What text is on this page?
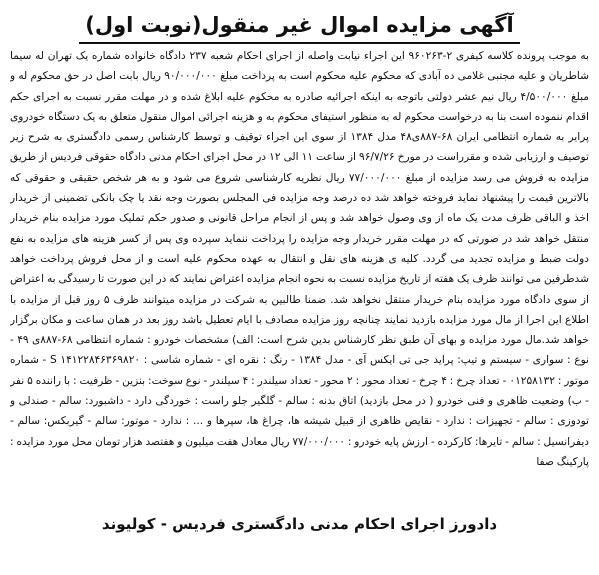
آگهی مزایده اموال غیر منقول(نوبت اول)
به موجب پرونده کلاسه کیفری ۲-۹۶۰۲۶۳ این اجراء نیابت واصله از اجرای احکام شعبه ۲۳۷ دادگاه خانواده شماره یک تهران له سیما شاطریان و علیه مجتبی غلامی ده آبادی که محکوم علیه محکوم است به پرداخت مبلغ ۹۰/۰۰۰/۰۰۰ ریال بابت اصل در حق محکوم له و مبلغ ۴/۵۰۰/۰۰۰ ریال نیم عشر دولتی باتوجه به اینکه اجرائیه صادره به محکوم علیه ابلاغ شده و در مهلت مقرر نسبت به اجرای حکم اقدام ننموده است بنا به درخواست محکوم له به منظور استیفای محکوم به و هزینه اجرائی اموال منقول متعلق به یک دستگاه خودروی پرایر به شماره انتظامی ایران ۶۸-۸۸۷ی۴۸ مدل ۱۳۸۴ از سوی این اجراء توقیف و توسط کارشناس رسمی دادگستری به شرح زیر توصیف و ارزیابی شده و مقرراست در مورخ ۹۶/۷/۲۶ از ساعت ۱۱ الی ۱۲ در محل اجرای احکام مدنی دادگاه حقوقی فردیس از طریق مزایده به فروش می رسد مزایده از مبلغ ۷۷/۰۰۰/۰۰۰ ریال نظریه کارشناسی شروع می شود و به هر شخص حقیقی و حقوقی که بالاترین قیمت را پیشنهاد نماید فروخته خواهد شد ده درصد وجه مزایده فی المجلس بصورت وجه نقد یا چک بانکی تضمینی از خریدار اخذ و الباقی ظرف مدت یک ماه از وی وصول خواهد شد و پس از انجام مراحل قانونی و صدور حکم تملیک مورد مزایده بنام خریدار منتقل خواهد شد در صورتی که در مهلت مقرر خریدار وجه مزایده را پرداخت ننماید سپرده وی پس از کسر هزینه های مزایده به نفع دولت ضبط و مزایده تجدید می گردد. کلیه ی هزینه های نقل و انتقال به عهده محکوم علیه است و از محل فروش پرداخت خواهد شدطرفین می توانند ظرف یک هفته از تاریخ مزایده نسبت به نحوه انجام مزایده اعتراض نمایند که در این صورت تا رسیدگی به اعتراض از سوی دادگاه مورد مزایده بنام خریدار منتقل نخواهد شد. ضمنا طالبین به شرکت در مزایده میتوانند ظرف ۵ روز قبل از مزایده با اطلاع این اجرا از مال مورد مزایده بازدید نمایند چنانچه روز مزایده مصادف با ایام تعطیل باشد روز بعد در همان ساعت و مکان برگزار خواهد شد.مال مورد مزایده و بهای آن طبق نظر کارشناس بدین شرح است: الف) مشخصات خودرو : شماره انتظامی ۶۸-۸۸۷ی ۴۹ - نوع : سواری - سیستم و تیپ: پراید جی تی ایکس آی - مدل ۱۳۸۴ - رنگ : نقره ای - شماره شاسی : S ۱۴۱۲۲۸۴۶۳۶۹۸۲۰ - شماره موتور : ۰۱۲۵۸۱۳۲ - تعداد چرخ : ۴ چرخ - تعداد محور : ۲ محور - تعداد سیلندر : ۴ سیلندر - نوع سوخت: بنزین - ظرفیت : با راننده ۵ نفر - ب) وضعیت ظاهری و فنی خودرو ( در محل بازدید) اتاق بدنه : سالم - گلگیر جلو راست : خوردگی دارد - داشبورد: سالم - صندلی و تودوزی : سالم - تجهیزات : ندارد - نقایص ظاهری از قبیل شیشه ها، چراغ ها، سپرها و ... : ندارد - موتور: سالم - گیربکس: سالم - دیفرانسیل : سالم - تایرها: کارکرده - ارزش پایه خودرو : ۷۷/۰۰۰/۰۰۰ ریال معادل هفت میلیون و هفتصد هزار تومان محل مورد مزایده : پارکینگ صفا
دادورز اجرای احکام مدنی دادگستری فردیس - کولیوند
